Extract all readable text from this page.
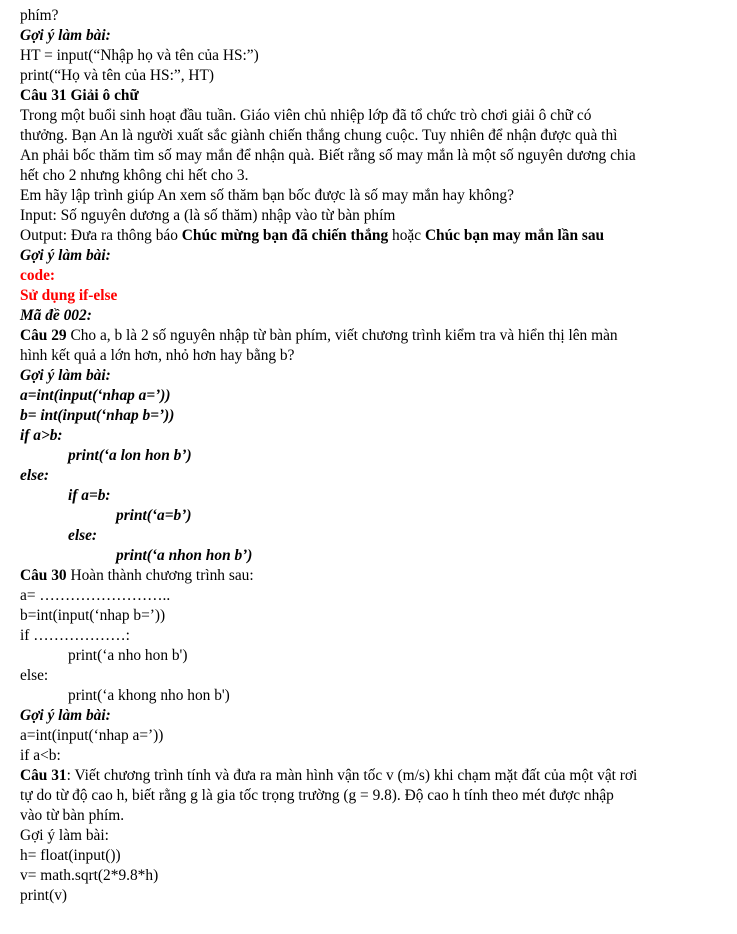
phím?
Gợi ý làm bài:
HT = input(“Nhập họ và tên của HS:”)
print(“Họ và tên của HS:”, HT)
Câu 31 Giải ô chữ
Trong một buổi sinh hoạt đầu tuần. Giáo viên chủ nhiệp lớp đã tổ chức trò chơi giải ô chữ có
thưởng. Bạn An là người xuất sắc giành chiến thắng chung cuộc. Tuy nhiên để nhận được quà thì
An phải bốc thăm tìm số may mắn để nhận quà. Biết rằng số may mắn là một số nguyên dương chia
hết cho 2 nhưng không chi hết cho 3.
Em hãy lập trình giúp An xem số thăm bạn bốc được là số may mắn hay không?
Input: Số nguyên dương a (là số thăm) nhập vào từ bàn phím
Output: Đưa ra thông báo Chúc mừng bạn đã chiến thắng hoặc Chúc bạn may mắn lần sau
Gợi ý làm bài:
code:
Sử dụng if-else
Mã đề 002:
Câu 29 Cho a, b là 2 số nguyên nhập từ bàn phím, viết chương trình kiểm tra và hiển thị lên màn
hình kết quả a lớn hơn, nhỏ hơn hay bằng b?
Gợi ý làm bài:
a=int(input(‘nhap a=’))
b= int(input(‘nhap b=’))
if a>b:
print(‘a lon hon b’)
else:
if a=b:
print(‘a=b’)
else:
print(‘a nhon hon b’)
Câu 30 Hoàn thành chương trình sau:
a= ……………………..
b=int(input(‘nhap b=’))
if ………………:
print(‘a nho hon b')
else:
print(‘a khong nho hon b')
Gợi ý làm bài:
a=int(input(‘nhap a=’))
if a<b:
Câu 31: Viết chương trình tính và đưa ra màn hình vận tốc v (m/s) khi chạm mặt đất của một vật rơi
tự do từ độ cao h, biết rằng g là gia tốc trọng trường (g = 9.8). Độ cao h tính theo mét được nhập
vào từ bàn phím.
Gợi ý làm bài:
h= float(input())
v= math.sqrt(2*9.8*h)
print(v)
